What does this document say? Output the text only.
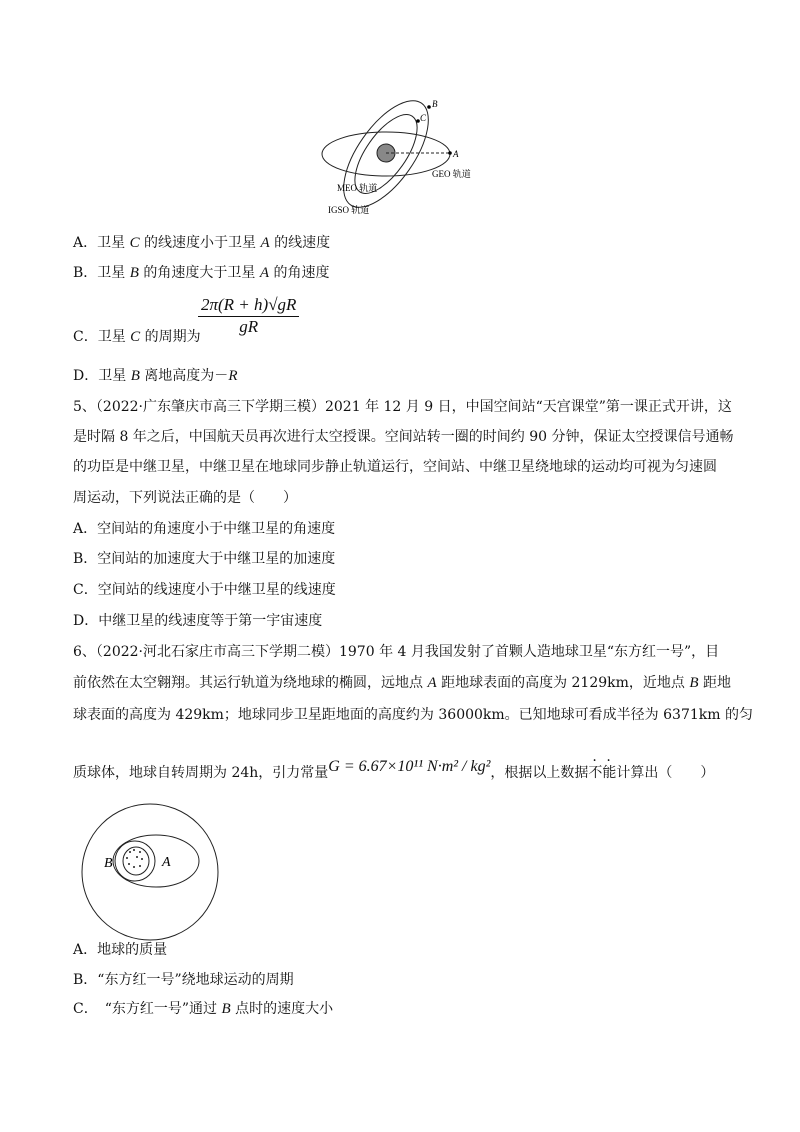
A
B
C
GEO 轨道
MEO 轨道
IGSO 轨道
A．卫星 C 的线速度小于卫星 A 的线速度
B．卫星 B 的角速度大于卫星 A 的角速度
$\frac{2\pi(R + h)√gR}{gR}$
C．卫星 C 的周期为
D．卫星 B 离地高度为－R
5、（2022·广东肇庆市高三下学期三模）2021 年 12 月 9 日，中国空间站“天宫课堂”第一课正式开讲，这
是时隔 8 年之后，中国航天员再次进行太空授课。空间站转一圈的时间约 90 分钟，保证太空授课信号通畅
的功臣是中继卫星，中继卫星在地球同步静止轨道运行，空间站、中继卫星绕地球的运动均可视为匀速圆
周运动，下列说法正确的是（　　）
A．空间站的角速度小于中继卫星的角速度
B．空间站的加速度大于中继卫星的加速度
C．空间站的线速度小于中继卫星的线速度
D．中继卫星的线速度等于第一宇宙速度
6、（2022·河北石家庄市高三下学期二模）1970 年 4 月我国发射了首颗人造地球卫星“东方红一号”，目
前依然在太空翱翔。其运行轨道为绕地球的椭圆，远地点 A 距地球表面的高度为 2129km，近地点 B 距地
球表面的高度为 429km；地球同步卫星距地面的高度约为 36000km。已知地球可看成半径为 6371km 的匀
质球体，地球自转周期为 24h，引力常量G = 6.67×10¹¹ N·m² / kg²，根据以上数据不能计算出（　　）
B	A
A．地球的质量
B．“东方红一号”绕地球运动的周期
C．　“东方红一号”通过 B 点时的速度大小
